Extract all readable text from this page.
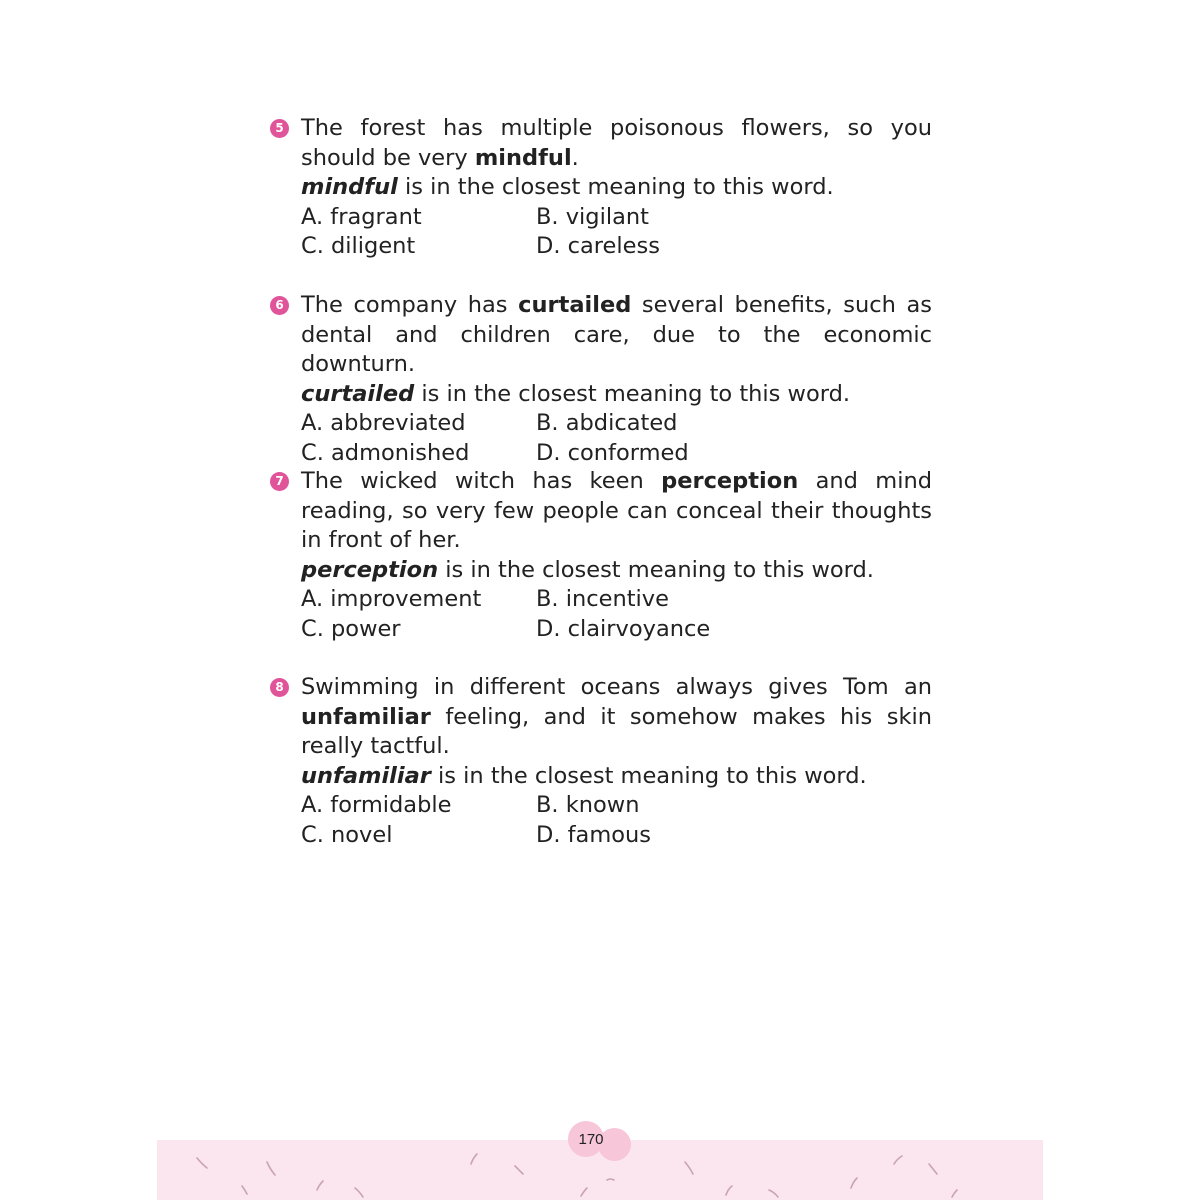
5 The forest has multiple poisonous flowers, so you should be very mindful.
mindful is in the closest meaning to this word.
A. fragrant	B. vigilant
C. diligent	D. careless
6 The company has curtailed several benefits, such as dental and children care, due to the economic downturn.
curtailed is in the closest meaning to this word.
A. abbreviated	B. abdicated
C. admonished	D. conformed
7 The wicked witch has keen perception and mind reading, so very few people can conceal their thoughts in front of her.
perception is in the closest meaning to this word.
A. improvement	B. incentive
C. power	D. clairvoyance
8 Swimming in different oceans always gives Tom an unfamiliar feeling, and it somehow makes his skin really tactful.
unfamiliar is in the closest meaning to this word.
A. formidable	B. known
C. novel	D. famous
170
